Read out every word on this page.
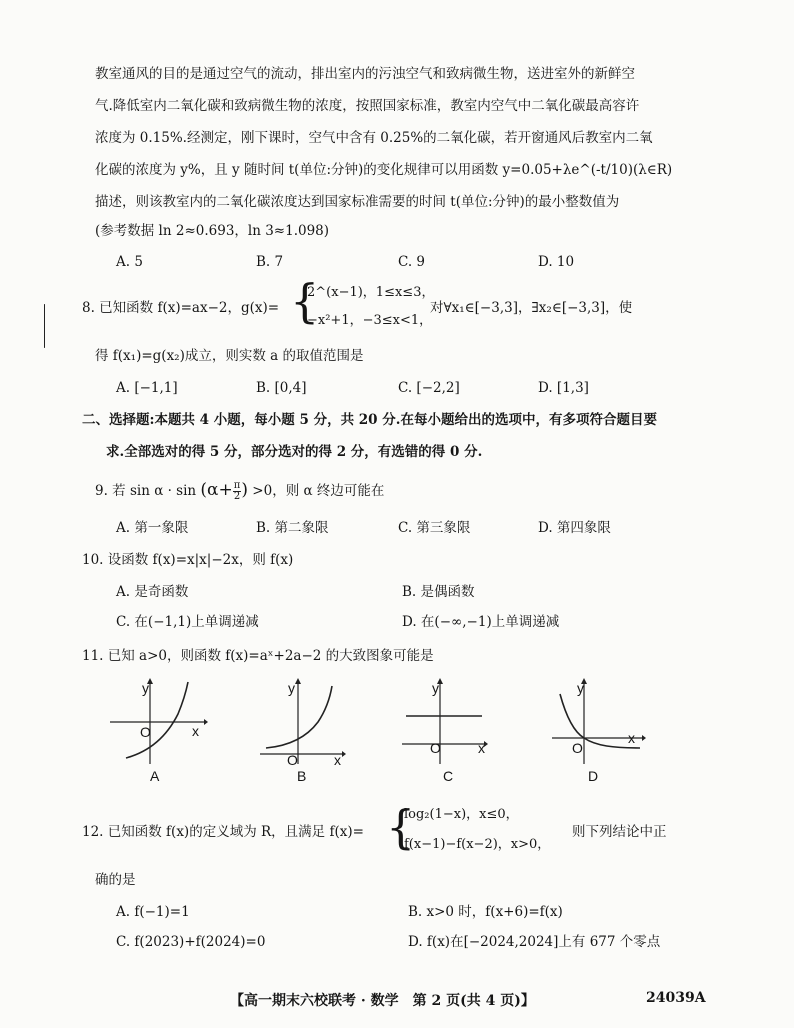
教室通风的目的是通过空气的流动，排出室内的污浊空气和致病微生物，送进室外的新鲜空
气.降低室内二氧化碳和致病微生物的浓度，按照国家标准，教室内空气中二氧化碳最高容许
浓度为 0.15%.经测定，刚下课时，空气中含有 0.25%的二氧化碳，若开窗通风后教室内二氧
化碳的浓度为 y%，且 y 随时间 t(单位:分钟)的变化规律可以用函数 y=0.05+λe^(-t/10)(λ∈R)
描述，则该教室内的二氧化碳浓度达到国家标准需要的时间 t(单位:分钟)的最小整数值为
(参考数据 ln 2≈0.693，ln 3≈1.098)
A. 5	B. 7	C. 9	D. 10
8. 已知函数 f(x)=ax−2，g(x)= {
2^(x−1)，1≤x≤3，
−x²+1，−3≤x<1，
对∀x₁∈[−3,3]，∃x₂∈[−3,3]，使
得 f(x₁)=g(x₂)成立，则实数 a 的取值范围是
A. [−1,1]	B. [0,4]	C. [−2,2]	D. [1,3]
二、选择题:本题共 4 小题，每小题 5 分，共 20 分.在每小题给出的选项中，有多项符合题目要
求.全部选对的得 5 分，部分选对的得 2 分，有选错的得 0 分.
9. 若 $\sin \alpha \cdot \sin (\alpha+ \frac{\pi}{2}$ ) >0，则 α 终边可能在
A. 第一象限	B. 第二象限	C. 第三象限	D. 第四象限
10. 设函数 f(x)=x|x|−2x，则 f(x)
A. 是奇函数	B. 是偶函数
C. 在(−1,1)上单调递减	D. 在(−∞,−1)上单调递减
11. 已知 a>0，则函数 f(x)=aˣ+2a−2 的大致图象可能是
y
O	x
A
y
O	x
B
y
O	x
C
y
O
x
D
12. 已知函数 f(x)的定义域为 R，且满足 f(x)= {
log₂(1−x)，x≤0，
f(x−1)−f(x−2)，x>0，
则下列结论中正
确的是
A. f(−1)=1	B. x>0 时，f(x+6)=f(x)
C. f(2023)+f(2024)=0	D. f(x)在[−2024,2024]上有 677 个零点
【高一期末六校联考 · 数学　第 2 页(共 4 页)】	24039A
